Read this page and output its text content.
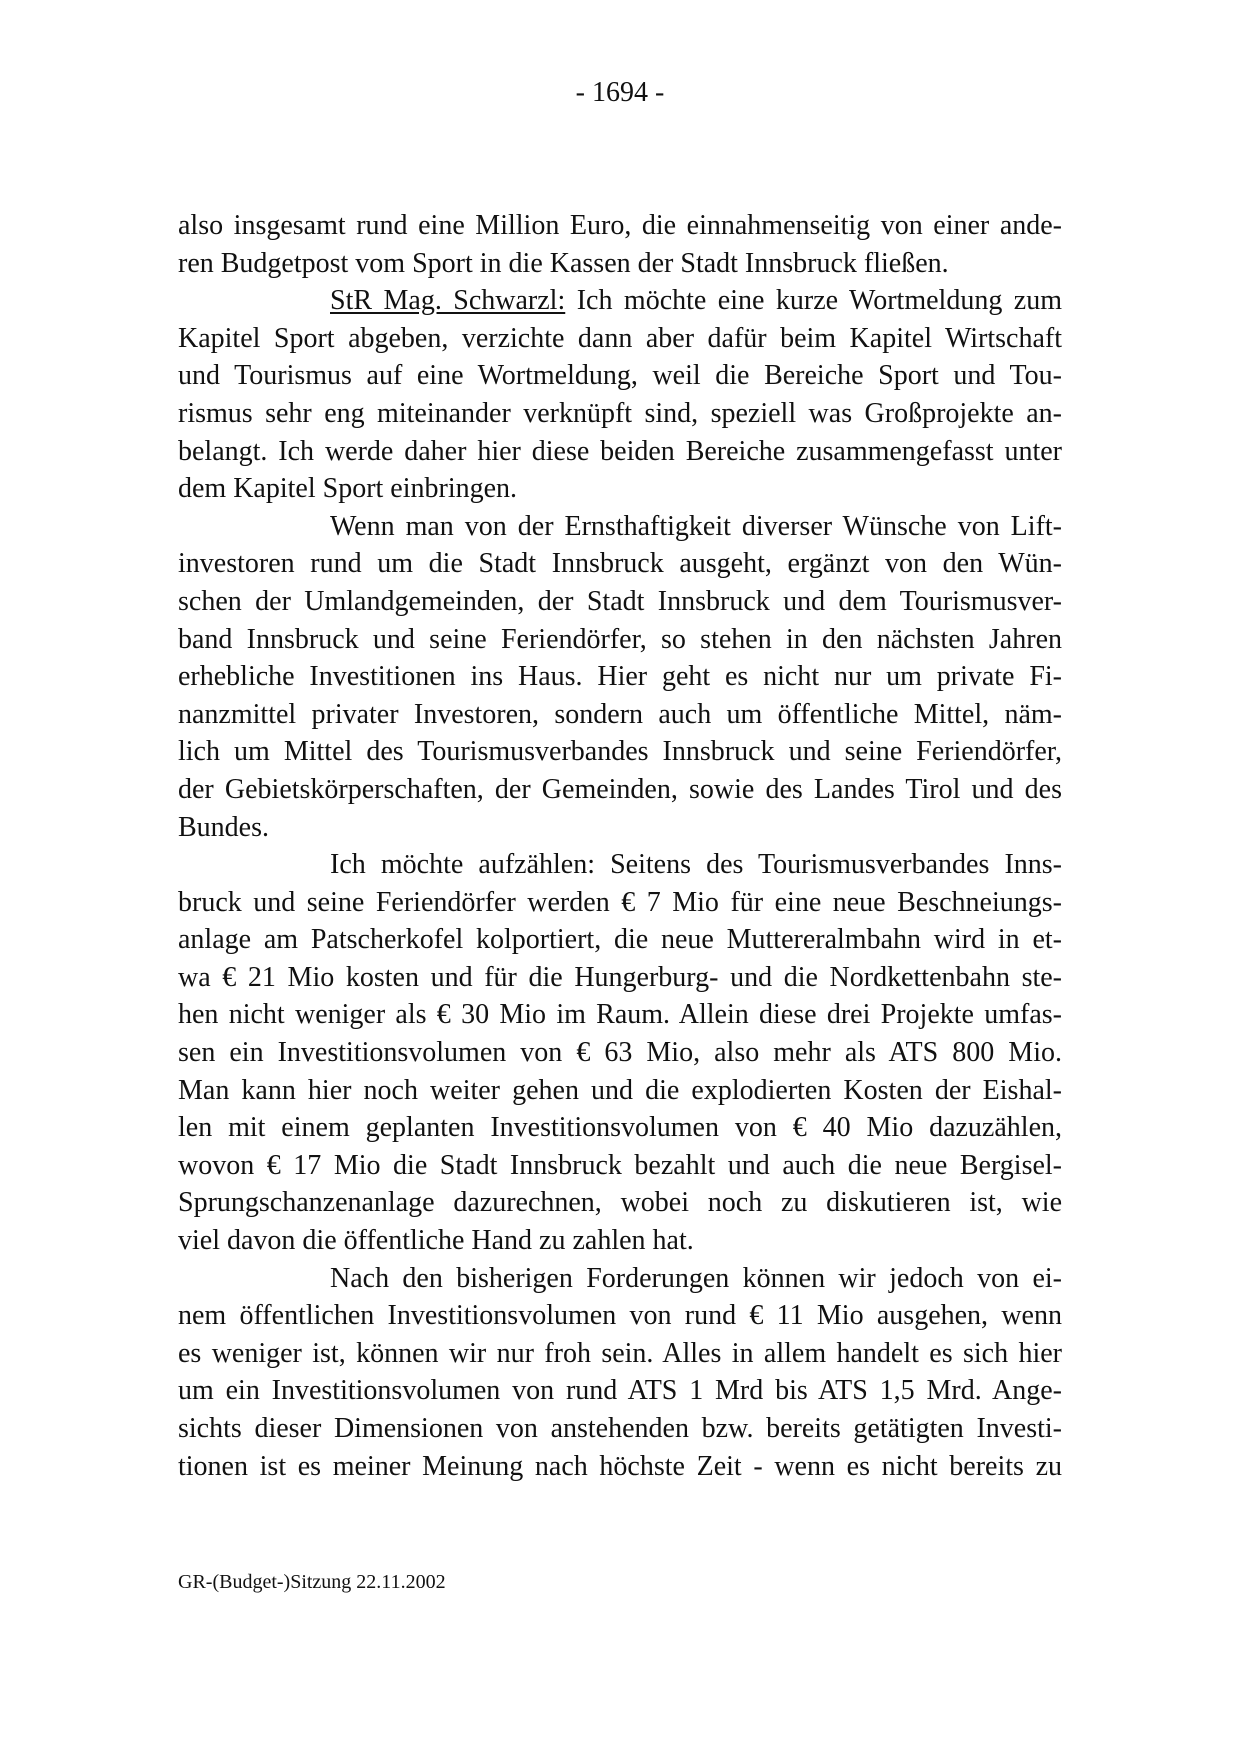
- 1694 -
also insgesamt rund eine Million Euro, die einnahmenseitig von einer ande-
ren Budgetpost vom Sport in die Kassen der Stadt Innsbruck fließen.
StR Mag. Schwarzl: Ich möchte eine kurze Wortmeldung zum
Kapitel Sport abgeben, verzichte dann aber dafür beim Kapitel Wirtschaft
und Tourismus auf eine Wortmeldung, weil die Bereiche Sport und Tou-
rismus sehr eng miteinander verknüpft sind, speziell was Großprojekte an-
belangt. Ich werde daher hier diese beiden Bereiche zusammengefasst unter
dem Kapitel Sport einbringen.
Wenn man von der Ernsthaftigkeit diverser Wünsche von Lift-
investoren rund um die Stadt Innsbruck ausgeht, ergänzt von den Wün-
schen der Umlandgemeinden, der Stadt Innsbruck und dem Tourismusver-
band Innsbruck und seine Feriendörfer, so stehen in den nächsten Jahren
erhebliche Investitionen ins Haus. Hier geht es nicht nur um private Fi-
nanzmittel privater Investoren, sondern auch um öffentliche Mittel, näm-
lich um Mittel des Tourismusverbandes Innsbruck und seine Feriendörfer,
der Gebietskörperschaften, der Gemeinden, sowie des Landes Tirol und des
Bundes.
Ich möchte aufzählen: Seitens des Tourismusverbandes Inns-
bruck und seine Feriendörfer werden € 7 Mio für eine neue Beschneiungs-
anlage am Patscherkofel kolportiert, die neue Muttereralmbahn wird in et-
wa € 21 Mio kosten und für die Hungerburg- und die Nordkettenbahn ste-
hen nicht weniger als € 30 Mio im Raum. Allein diese drei Projekte umfas-
sen ein Investitionsvolumen von € 63 Mio, also mehr als ATS 800 Mio.
Man kann hier noch weiter gehen und die explodierten Kosten der Eishal-
len mit einem geplanten Investitionsvolumen von € 40 Mio dazuzählen,
wovon € 17 Mio die Stadt Innsbruck bezahlt und auch die neue Bergisel-
Sprungschanzenanlage dazurechnen, wobei noch zu diskutieren ist, wie
viel davon die öffentliche Hand zu zahlen hat.
Nach den bisherigen Forderungen können wir jedoch von ei-
nem öffentlichen Investitionsvolumen von rund € 11 Mio ausgehen, wenn
es weniger ist, können wir nur froh sein. Alles in allem handelt es sich hier
um ein Investitionsvolumen von rund ATS 1 Mrd bis ATS 1,5 Mrd. Ange-
sichts dieser Dimensionen von anstehenden bzw. bereits getätigten Investi-
tionen ist es meiner Meinung nach höchste Zeit - wenn es nicht bereits zu
GR-(Budget-)Sitzung 22.11.2002
